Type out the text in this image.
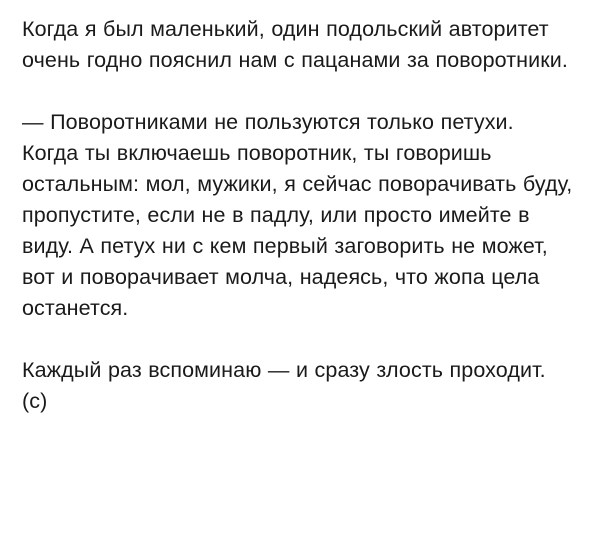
Когда я был маленький, один подольский авторитет очень годно пояснил нам с пацанами за поворотники.

— Поворотниками не пользуются только петухи. Когда ты включаешь поворотник, ты говоришь остальным: мол, мужики, я сейчас поворачивать буду, пропустите, если не в падлу, или просто имейте в виду. А петух ни с кем первый заговорить не может, вот и поворачивает молча, надеясь, что жопа цела останется.

Каждый раз вспоминаю — и сразу злость проходит. (с)
